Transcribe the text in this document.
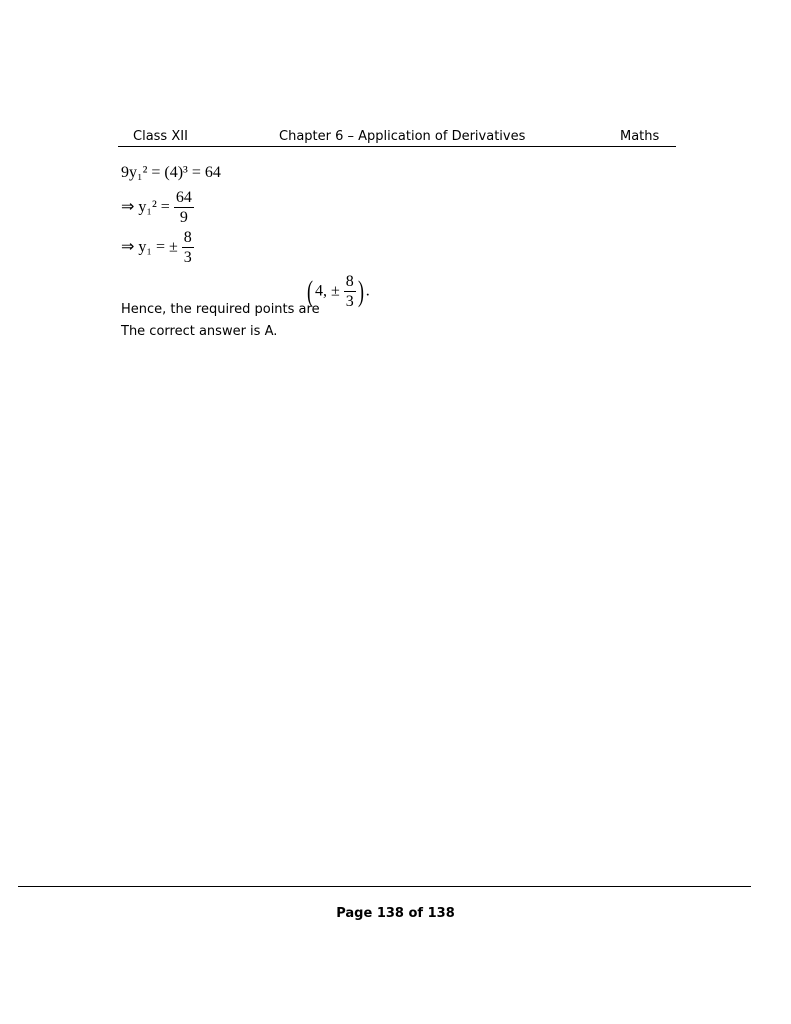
Class XII	Chapter 6 – Application of Derivatives	Maths
9y₁² = (4)³ = 64
⇒ $y_1^2 = \frac{64}{9}$
⇒ y₁ = ± $\frac{8}{3}$
Hence, the required points are
( 4, ± $\frac{8}{3}$ ) .
The correct answer is A.
Page 138 of 138
